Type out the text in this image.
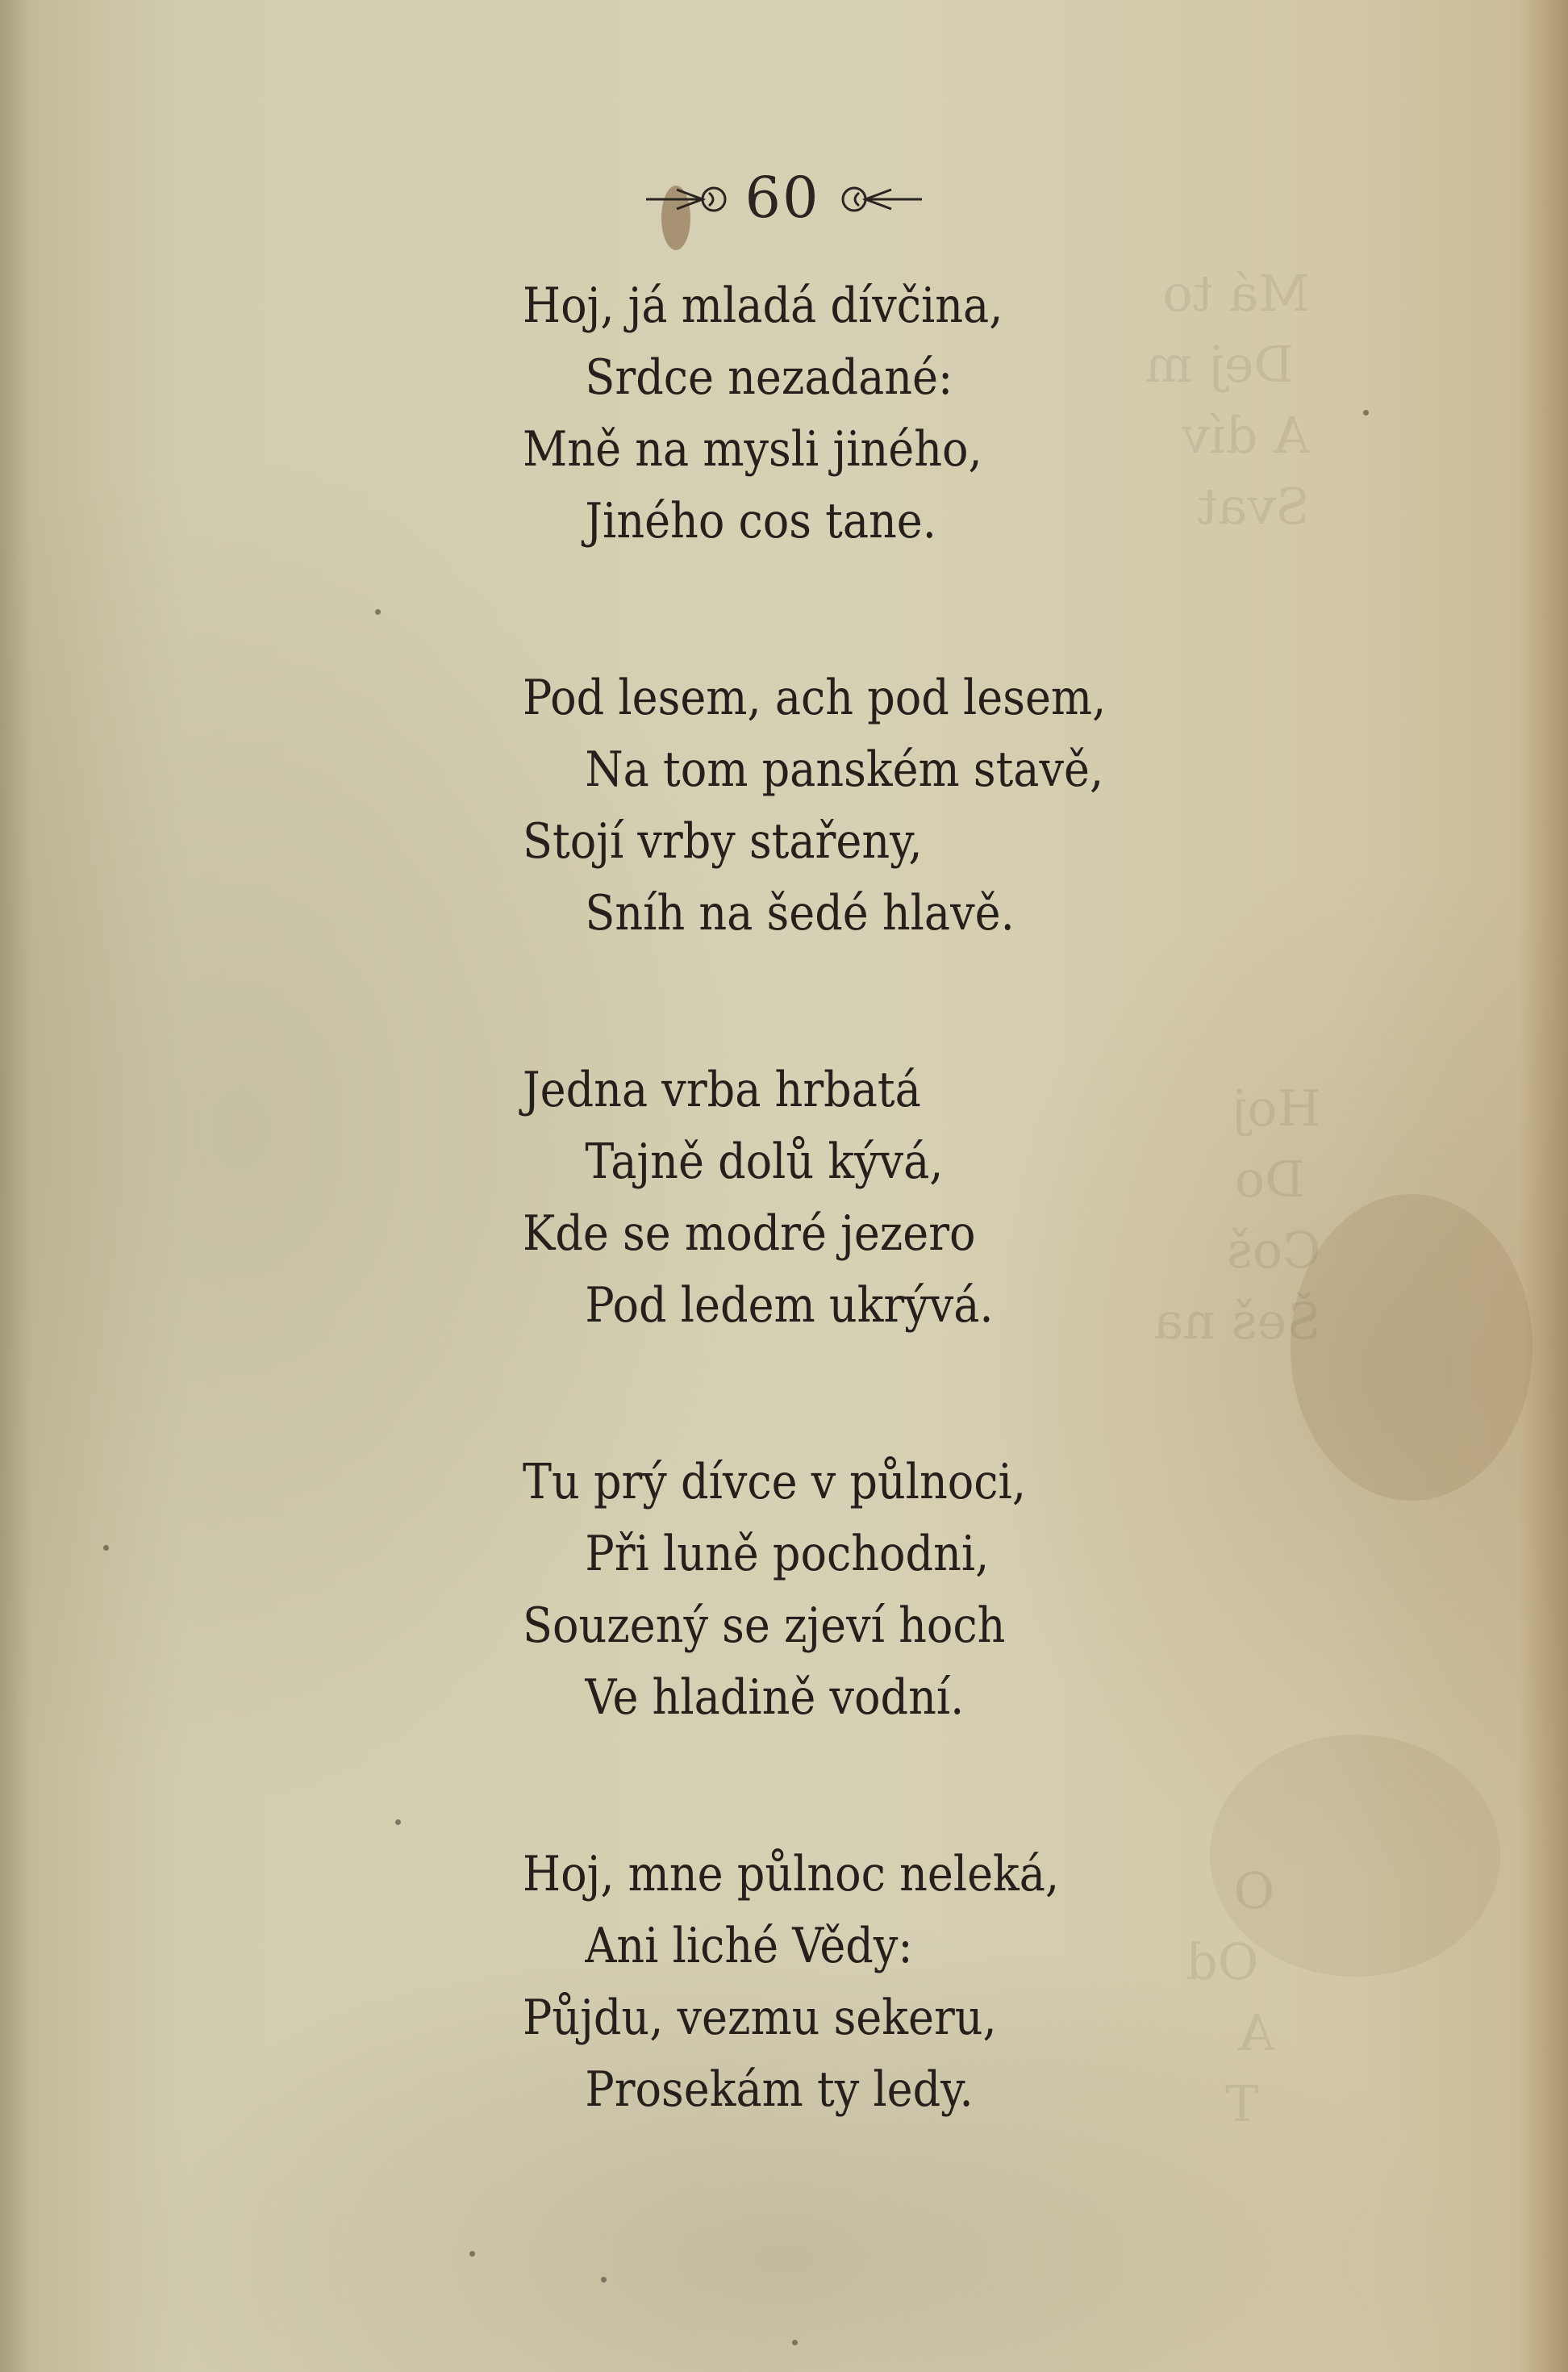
Má to
Dej m
A dív
Svat
Hoj
Do
Coš
Šeš na
O
Od
A
T
60
Hoj, já mladá dívčina,
Srdce nezadané:
Mně na mysli jiného,
Jiného cos tane.
Pod lesem, ach pod lesem,
Na tom panském stavě,
Stojí vrby stařeny,
Sníh na šedé hlavě.
Jedna vrba hrbatá
Tajně dolů kývá,
Kde se modré jezero
Pod ledem ukrývá.
Tu prý dívce v půlnoci,
Při luně pochodni,
Souzený se zjeví hoch
Ve hladině vodní.
Hoj, mne půlnoc neleká,
Ani liché Vědy:
Půjdu, vezmu sekeru,
Prosekám ty ledy.
